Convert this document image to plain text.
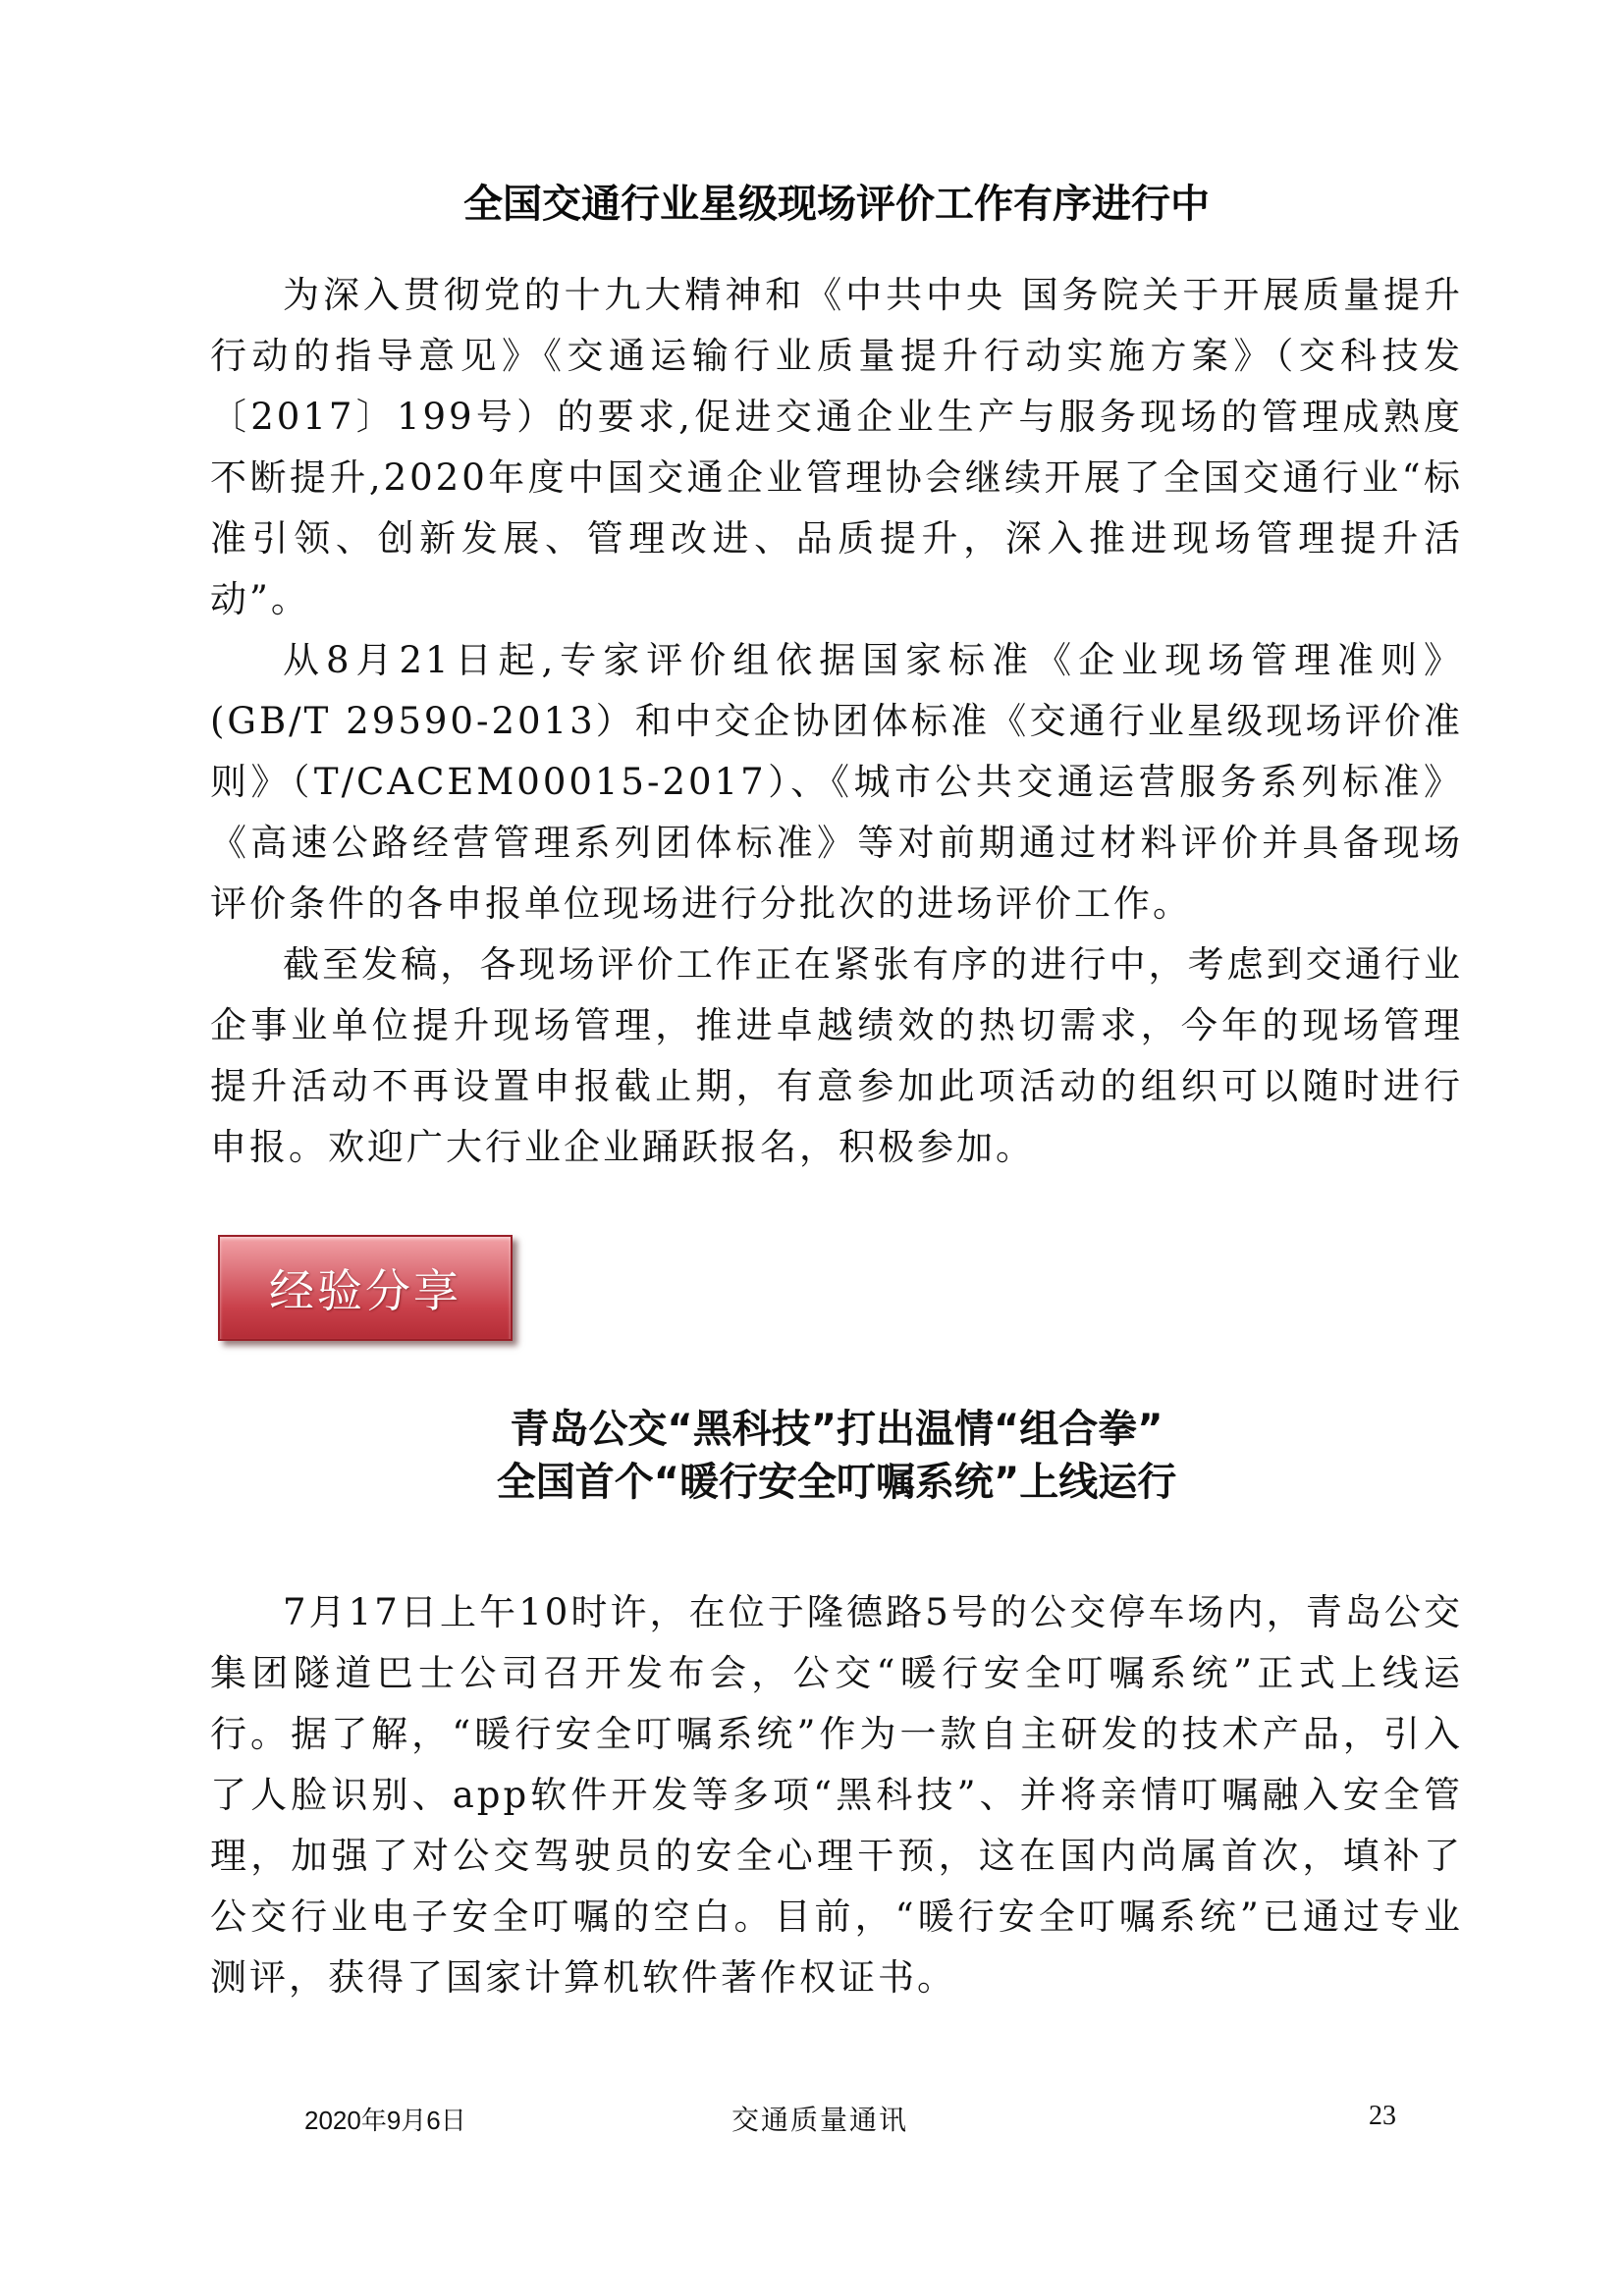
全国交通行业星级现场评价工作有序进行中

为深入贯彻党的十九大精神和《中共中央 国务院关于开展质量提升行动的指导意见》《交通运输行业质量提升行动实施方案》（交科技发〔2017〕199号）的要求,促进交通企业生产与服务现场的管理成熟度不断提升,2020年度中国交通企业管理协会继续开展了全国交通行业“标准引领、创新发展、管理改进、品质提升，深入推进现场管理提升活动”。

从8月21日起,专家评价组依据国家标准《企业现场管理准则》(GB/T 29590-2013）和中交企协团体标准《交通行业星级现场评价准则》（T/CACEM00015-2017）、《城市公共交通运营服务系列标准》 《高速公路经营管理系列团体标准》等对前期通过材料评价并具备现场评价条件的各申报单位现场进行分批次的进场评价工作。

截至发稿，各现场评价工作正在紧张有序的进行中，考虑到交通行业企事业单位提升现场管理，推进卓越绩效的热切需求，今年的现场管理提升活动不再设置申报截止期，有意参加此项活动的组织可以随时进行申报。欢迎广大行业企业踊跃报名，积极参加。

经验分享
青岛公交“黑科技”打出温情“组合拳”
全国首个“暖行安全叮嘱系统”上线运行

7月17日上午10时许，在位于隆德路5号的公交停车场内，青岛公交集团隧道巴士公司召开发布会，公交“暖行安全叮嘱系统”正式上线运行。据了解，“暖行安全叮嘱系统”作为一款自主研发的技术产品，引入了人脸识别、app软件开发等多项“黑科技”、并将亲情叮嘱融入安全管理，加强了对公交驾驶员的安全心理干预，这在国内尚属首次，填补了公交行业电子安全叮嘱的空白。目前，“暖行安全叮嘱系统”已通过专业测评，获得了国家计算机软件著作权证书。

2020年9月6日	交通质量通讯	23
